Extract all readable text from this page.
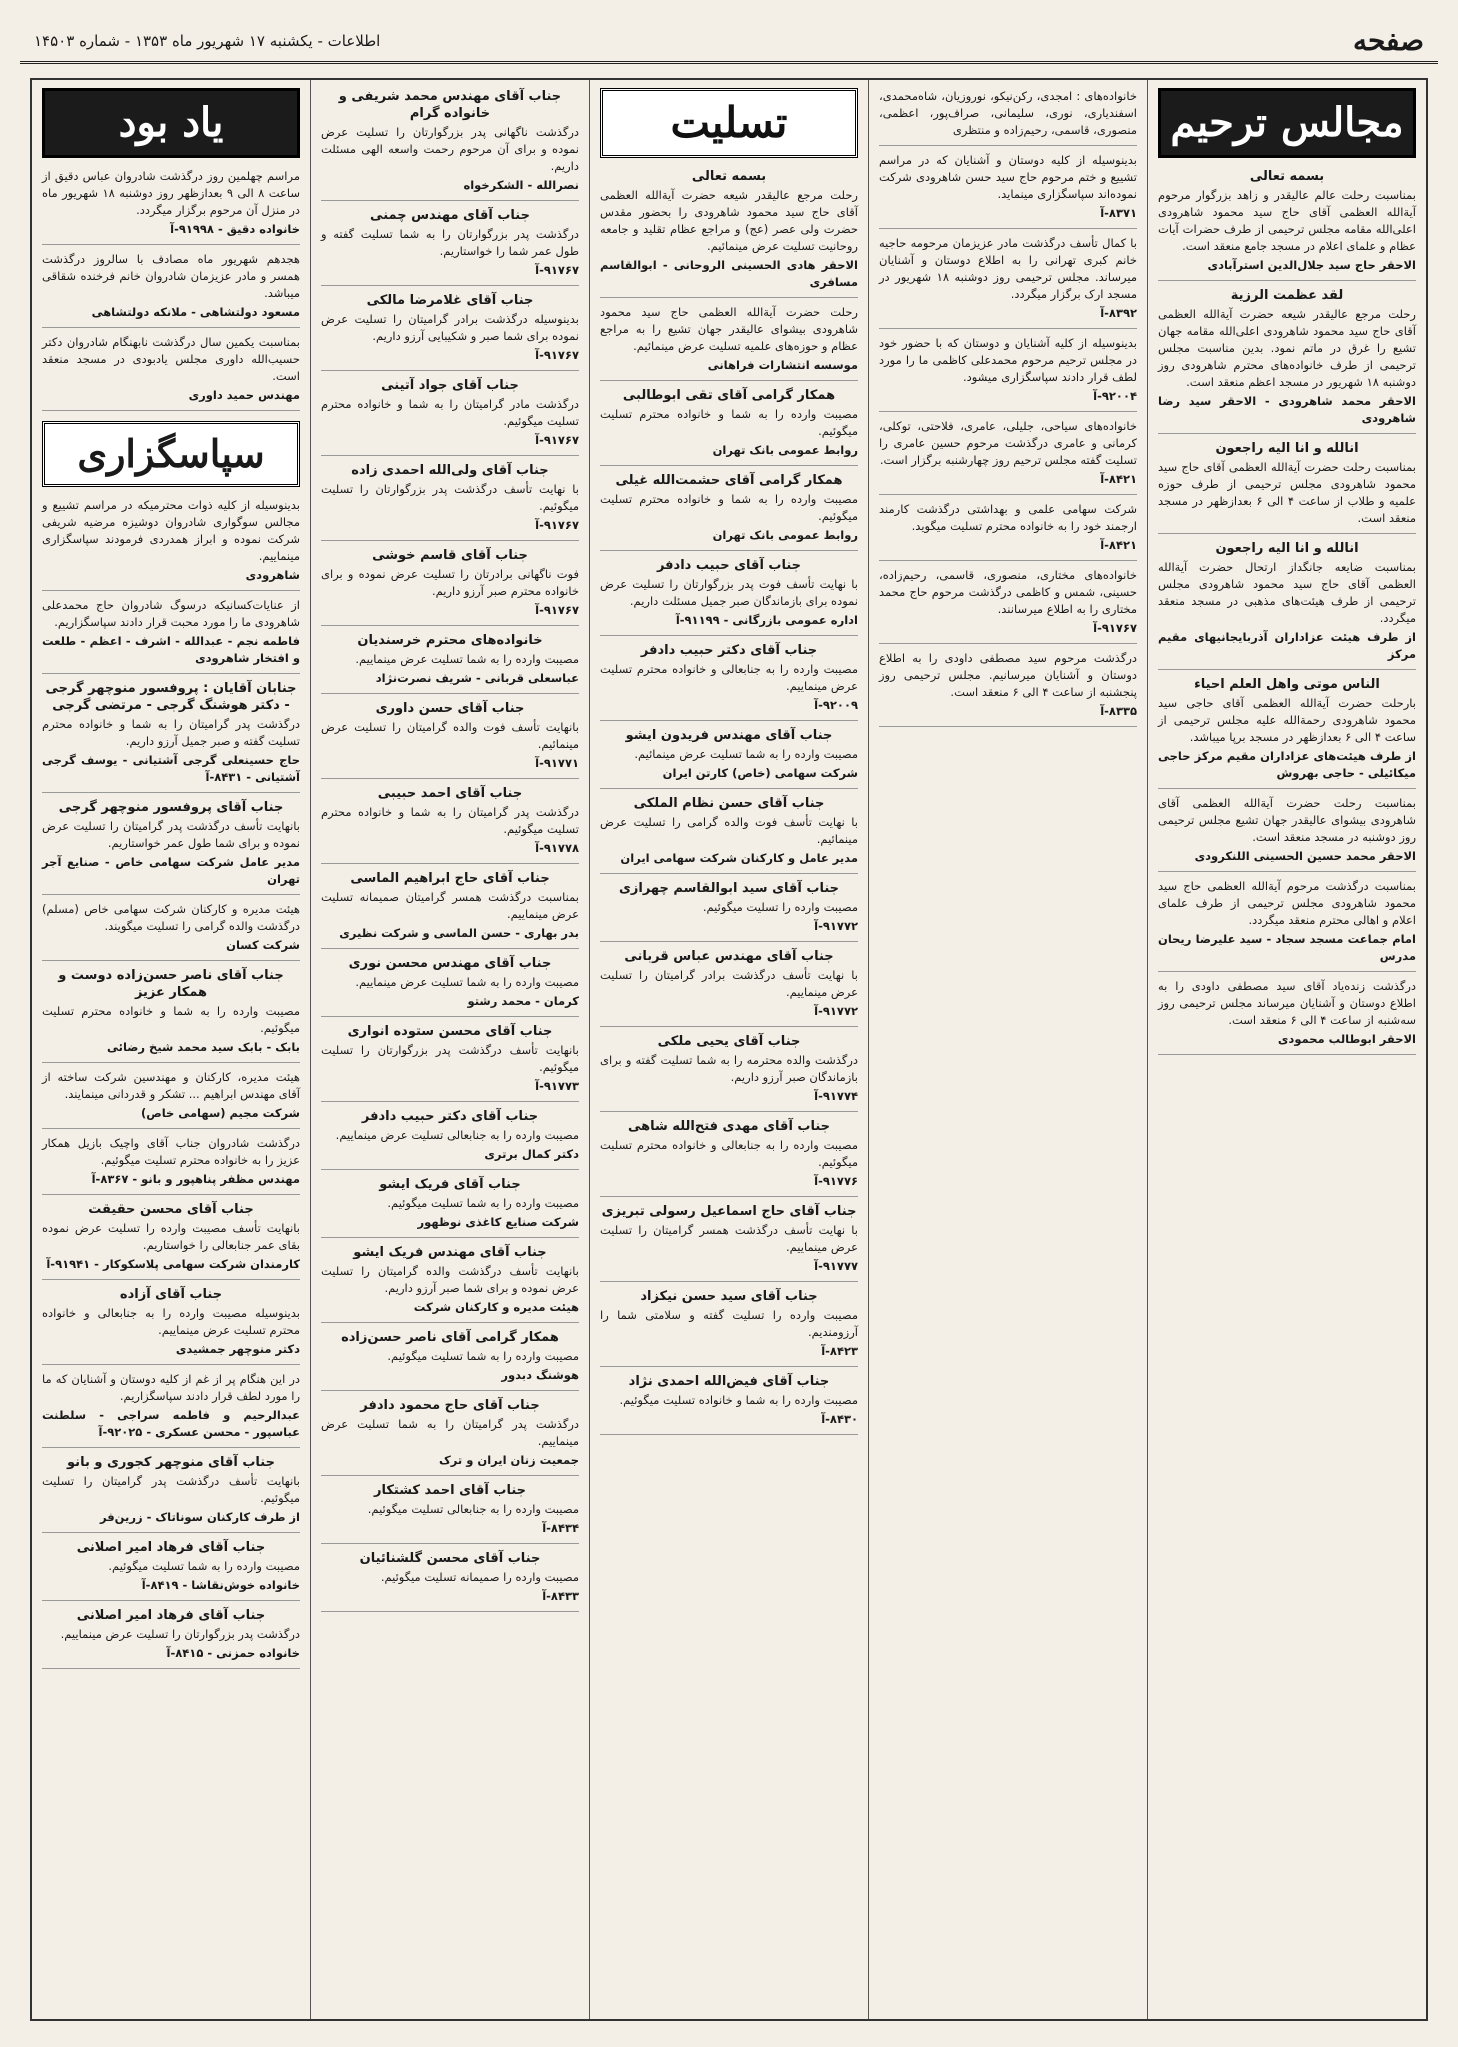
صفحه
اطلاعات - یکشنبه ۱۷ شهریور ماه ۱۳۵۳ - شماره ۱۴۵۰۳
مجالس ترحیم
بسمه تعالی
بمناسبت رحلت عالم عالیقدر و زاهد بزرگوار مرحوم آیة‌الله العظمی آقای حاج سید محمود شاهرودی اعلی‌الله مقامه مجلس ترحیمی از طرف حضرات آیات عظام و علمای اعلام در مسجد جامع منعقد است.
الاحقر حاج سید جلال‌الدین استرآبادی
لقد عظمت الرزیة
رحلت مرجع عالیقدر شیعه حضرت آیة‌الله العظمی آقای حاج سید محمود شاهرودی اعلی‌الله مقامه جهان تشیع را غرق در ماتم نمود. بدین مناسبت مجلس ترحیمی از طرف خانواده‌های محترم شاهرودی روز دوشنبه ۱۸ شهریور در مسجد اعظم منعقد است.
الاحقر محمد شاهرودی - الاحقر سید رضا شاهرودی
انالله و انا الیه راجعون
بمناسبت رحلت حضرت آیة‌الله العظمی آقای حاج سید محمود شاهرودی مجلس ترحیمی از طرف حوزه علمیه و طلاب از ساعت ۴ الی ۶ بعدازظهر در مسجد منعقد است.
انالله و انا الیه راجعون
بمناسبت ضایعه جانگداز ارتحال حضرت آیة‌الله العظمی آقای حاج سید محمود شاهرودی مجلس ترحیمی از طرف هیئت‌های مذهبی در مسجد منعقد میگردد.
از طرف هیئت عزاداران آذربایجانیهای مقیم مرکز
الناس موتی واهل العلم احیاء
بارحلت حضرت آیة‌الله العظمی آقای حاجی سید محمود شاهرودی رحمة‌الله علیه مجلس ترحیمی از ساعت ۴ الی ۶ بعدازظهر در مسجد برپا میباشد.
از طرف هیئت‌های عزاداران مقیم مرکز حاجی میکائیلی - حاجی بهروش
بمناسبت رحلت حضرت آیة‌الله العظمی آقای شاهرودی بیشوای عالیقدر جهان تشیع مجلس ترحیمی روز دوشنبه در مسجد منعقد است.
الاحقر محمد حسین الحسینی اللنکرودی
بمناسبت درگذشت مرحوم آیة‌الله العظمی حاج سید محمود شاهرودی مجلس ترحیمی از طرف علمای اعلام و اهالی محترم منعقد میگردد.
امام جماعت مسجد سجاد - سید علیرضا ریحان مدرس
درگذشت زنده‌یاد آقای سید مصطفی داودی را به اطلاع دوستان و آشنایان میرساند مجلس ترحیمی روز سه‌شنبه از ساعت ۴ الی ۶ منعقد است.
الاحقر ابوطالب محمودی
خانواده‌های : امجدی، رکن‌نیکو، نوروزیان، شاه‌محمدی، اسفندیاری، نوری، سلیمانی، صراف‌پور، اعظمی، منصوری، قاسمی، رحیم‌زاده و منتظری
بدینوسیله از کلیه دوستان و آشنایان که در مراسم تشییع و ختم مرحوم حاج سید حسن شاهرودی شرکت نموده‌اند سپاسگزاری مینماید.
۸۳۷۱-آ
با کمال تأسف درگذشت مادر عزیزمان مرحومه حاجیه خانم کبری تهرانی را به اطلاع دوستان و آشنایان میرساند. مجلس ترحیمی روز دوشنبه ۱۸ شهریور در مسجد ارک برگزار میگردد.
۸۳۹۲-آ
بدینوسیله از کلیه آشنایان و دوستان که با حضور خود در مجلس ترحیم مرحوم محمدعلی کاظمی ما را مورد لطف قرار دادند سپاسگزاری میشود.
۹۲۰۰۴-آ
خانواده‌های سیاحی، جلیلی، عامری، فلاحتی، توکلی، کرمانی و عامری درگذشت مرحوم حسین عامری را تسلیت گفته مجلس ترحیم روز چهارشنبه برگزار است.
۸۴۲۱-آ
شرکت سهامی علمی و بهداشتی درگذشت کارمند ارجمند خود را به خانواده محترم تسلیت میگوید.
۸۴۲۱-آ
خانواده‌های مختاری، منصوری، قاسمی، رحیم‌زاده، حسینی، شمس و کاظمی درگذشت مرحوم حاج محمد مختاری را به اطلاع میرسانند.
۹۱۷۶۷-آ
درگذشت مرحوم سید مصطفی داودی را به اطلاع دوستان و آشنایان میرسانیم. مجلس ترحیمی روز پنجشنبه از ساعت ۴ الی ۶ منعقد است.
۸۳۳۵-آ
تسلیت
بسمه تعالی
رحلت مرجع عالیقدر شیعه حضرت آیة‌الله العظمی آقای حاج سید محمود شاهرودی را بحضور مقدس حضرت ولی عصر (عج) و مراجع عظام تقلید و جامعه روحانیت تسلیت عرض مینمائیم.
الاحقر هادی الحسینی الروحانی - ابوالقاسم مسافری
رحلت حضرت آیة‌الله العظمی حاج سید محمود شاهرودی بیشوای عالیقدر جهان تشیع را به مراجع عظام و حوزه‌های علمیه تسلیت عرض مینمائیم.
موسسه انتشارات فراهانی
همکار گرامی آقای تقی ابوطالبی
مصیبت وارده را به شما و خانواده محترم تسلیت میگوئیم.
روابط عمومی بانک تهران
همکار گرامی آقای حشمت‌الله غیلی
مصیبت وارده را به شما و خانواده محترم تسلیت میگوئیم.
روابط عمومی بانک تهران
جناب آقای حبیب دادفر
با نهایت تأسف فوت پدر بزرگوارتان را تسلیت عرض نموده برای بازماندگان صبر جمیل مسئلت داریم.
اداره عمومی بازرگانی - ۹۱۱۹۹-آ
جناب آقای دکتر حبیب دادفر
مصیبت وارده را به جنابعالی و خانواده محترم تسلیت عرض مینماییم.
۹۲۰۰۹-آ
جناب آقای مهندس فریدون ایشو
مصیبت وارده را به شما تسلیت عرض مینمائیم.
شرکت سهامی (خاص) کارتن ایران
جناب آقای حسن نظام الملکی
با نهایت تأسف فوت والده گرامی را تسلیت عرض مینمائیم.
مدیر عامل و کارکنان شرکت سهامی ایران
جناب آقای سید ابوالقاسم چهرازی
مصیبت وارده را تسلیت میگوئیم.
۹۱۷۷۲-آ
جناب آقای مهندس عباس قربانی
با نهایت تأسف درگذشت برادر گرامیتان را تسلیت عرض مینماییم.
۹۱۷۷۲-آ
جناب آقای یحیی ملکی
درگذشت والده محترمه را به شما تسلیت گفته و برای بازماندگان صبر آرزو داریم.
۹۱۷۷۴-آ
جناب آقای مهدی فتح‌الله شاهی
مصیبت وارده را به جنابعالی و خانواده محترم تسلیت میگوئیم.
۹۱۷۷۶-آ
جناب آقای حاج اسماعیل رسولی تبریزی
با نهایت تأسف درگذشت همسر گرامیتان را تسلیت عرض مینماییم.
۹۱۷۷۷-آ
جناب آقای سید حسن نیکزاد
مصیبت وارده را تسلیت گفته و سلامتی شما را آرزومندیم.
۸۴۲۳-آ
جناب آقای فیض‌الله احمدی نژاد
مصیبت وارده را به شما و خانواده تسلیت میگوئیم.
۸۴۳۰-آ
جناب آقای مهندس محمد شریفی و خانواده گرام
درگذشت ناگهانی پدر بزرگوارتان را تسلیت عرض نموده و برای آن مرحوم رحمت واسعه الهی مسئلت داریم.
نصرالله - الشکرخواه
جناب آقای مهندس چمنی
درگذشت پدر بزرگوارتان را به شما تسلیت گفته و طول عمر شما را خواستاریم.
۹۱۷۶۷-آ
جناب آقای غلامرضا مالکی
بدینوسیله درگذشت برادر گرامیتان را تسلیت عرض نموده برای شما صبر و شکیبایی آرزو داریم.
۹۱۷۶۷-آ
جناب آقای جواد آتینی
درگذشت مادر گرامیتان را به شما و خانواده محترم تسلیت میگوئیم.
۹۱۷۶۷-آ
جناب آقای ولی‌الله احمدی زاده
با نهایت تأسف درگذشت پدر بزرگوارتان را تسلیت میگوئیم.
۹۱۷۶۷-آ
جناب آقای قاسم خوشی
فوت ناگهانی برادرتان را تسلیت عرض نموده و برای خانواده محترم صبر آرزو داریم.
۹۱۷۶۷-آ
خانواده‌های محترم خرسندیان
مصیبت وارده را به شما تسلیت عرض مینماییم.
عباسعلی قربانی - شریف نصرت‌نژاد
جناب آقای حسن داوری
بانهایت تأسف فوت والده گرامیتان را تسلیت عرض مینمائیم.
۹۱۷۷۱-آ
جناب آقای احمد حبیبی
درگذشت پدر گرامیتان را به شما و خانواده محترم تسلیت میگوئیم.
۹۱۷۷۸-آ
جناب آقای حاج ابراهیم الماسی
بمناسبت درگذشت همسر گرامیتان صمیمانه تسلیت عرض مینماییم.
بدر بهاری - حسن الماسی و شرکت نظیری
جناب آقای مهندس محسن نوری
مصیبت وارده را به شما تسلیت عرض مینماییم.
کرمان - محمد رشتو
جناب آقای محسن ستوده انواری
بانهایت تأسف درگذشت پدر بزرگوارتان را تسلیت میگوئیم.
۹۱۷۷۳-آ
جناب آقای دکتر حبیب دادفر
مصیبت وارده را به جنابعالی تسلیت عرض مینماییم.
دکتر کمال برتری
جناب آقای فریک ایشو
مصیبت وارده را به شما تسلیت میگوئیم.
شرکت صنایع کاغذی نوظهور
جناب آقای مهندس فریک ایشو
بانهایت تأسف درگذشت والده گرامیتان را تسلیت عرض نموده و برای شما صبر آرزو داریم.
هیئت مدیره و کارکنان شرکت
همکار گرامی آقای ناصر حسن‌زاده
مصیبت وارده را به شما تسلیت میگوئیم.
هوشنگ دبدور
جناب آقای حاج محمود دادفر
درگذشت پدر گرامیتان را به شما تسلیت عرض مینماییم.
جمعیت زنان ایران و ترک
جناب آقای احمد کشتکار
مصیبت وارده را به جنابعالی تسلیت میگوئیم.
۸۴۳۴-آ
جناب آقای محسن گلشنائیان
مصیبت وارده را صمیمانه تسلیت میگوئیم.
۸۴۳۳-آ
یاد بود
مراسم چهلمین روز درگذشت شادروان عباس دقیق از ساعت ۸ الی ۹ بعدازظهر روز دوشنبه ۱۸ شهریور ماه در منزل آن مرحوم برگزار میگردد.
خانواده دقیق - ۹۱۹۹۸-آ
هجدهم شهریور ماه مصادف با سالروز درگذشت همسر و مادر عزیزمان شادروان خانم فرخنده شقاقی میباشد.
مسعود دولتشاهی - ملانکه دولتشاهی
بمناسبت یکمین سال درگذشت نابهنگام شادروان دکتر حسیب‌الله داوری مجلس یادبودی در مسجد منعقد است.
مهندس حمید داوری
سپاسگزاری
بدینوسیله از کلیه ذوات محترمیکه در مراسم تشییع و مجالس سوگواری شادروان دوشیزه مرضیه شریفی شرکت نموده و ابراز همدردی فرمودند سپاسگزاری مینماییم.
شاهرودی
از عنایات‌کسانیکه درسوگ شادروان حاج محمدعلی شاهرودی ما را مورد محبت قرار دادند سپاسگزاریم.
فاطمه نجم - عبدالله - اشرف - اعظم - طلعت و افتخار شاهرودی
جنابان آقایان : پروفسور منوچهر گرجی - دکتر هوشنگ گرجی - مرتضی گرجی
درگذشت پدر گرامیتان را به شما و خانواده محترم تسلیت گفته و صبر جمیل آرزو داریم.
حاج حسینعلی گرجی آشتیانی - یوسف گرجی آشتیانی - ۸۴۳۱-آ
جناب آقای پروفسور منوچهر گرجی
بانهایت تأسف درگذشت پدر گرامیتان را تسلیت عرض نموده و برای شما طول عمر خواستاریم.
مدیر عامل شرکت سهامی خاص - صنایع آجر تهران
هیئت مدیره و کارکنان شرکت سهامی خاص (مسلم) درگذشت والده گرامی را تسلیت میگویند.
شرکت کسان
جناب آقای ناصر حسن‌زاده دوست و همکار عزیز
مصیبت وارده را به شما و خانواده محترم تسلیت میگوئیم.
بابک - بابک سید محمد شیخ رضائی
هیئت مدیره، کارکنان و مهندسین شرکت ساخته از آقای مهندس ابراهیم ... تشکر و قدردانی مینمایند.
شرکت مجیم (سهامی خاص)
درگذشت شادروان جناب آقای واچیک بازیل همکار عزیز را به خانواده محترم تسلیت میگوئیم.
مهندس مظفر پناهپور و بانو - ۸۳۶۷-آ
جناب آقای محسن حقیقت
بانهایت تأسف مصیبت وارده را تسلیت عرض نموده بقای عمر جنابعالی را خواستاریم.
کارمندان شرکت سهامی پلاسکوکار - ۹۱۹۴۱-آ
جناب آقای آزاده
بدینوسیله مصیبت وارده را به جنابعالی و خانواده محترم تسلیت عرض مینماییم.
دکتر منوچهر جمشیدی
در این هنگام پر از غم از کلیه دوستان و آشنایان که ما را مورد لطف قرار دادند سپاسگزاریم.
عبدالرحیم و فاطمه سراجی - سلطنت عباسپور - محسن عسکری - ۹۲۰۲۵-آ
جناب آقای منوچهر کجوری و بانو
بانهایت تأسف درگذشت پدر گرامیتان را تسلیت میگوئیم.
از طرف کارکنان سوناتاک - زرین‌فر
جناب آقای فرهاد امیر اصلانی
مصیبت وارده را به شما تسلیت میگوئیم.
خانواده خوش‌نقاشا - ۸۴۱۹-آ
جناب آقای فرهاد امیر اصلانی
درگذشت پدر بزرگوارتان را تسلیت عرض مینماییم.
خانواده حمزنی - ۸۴۱۵-آ
